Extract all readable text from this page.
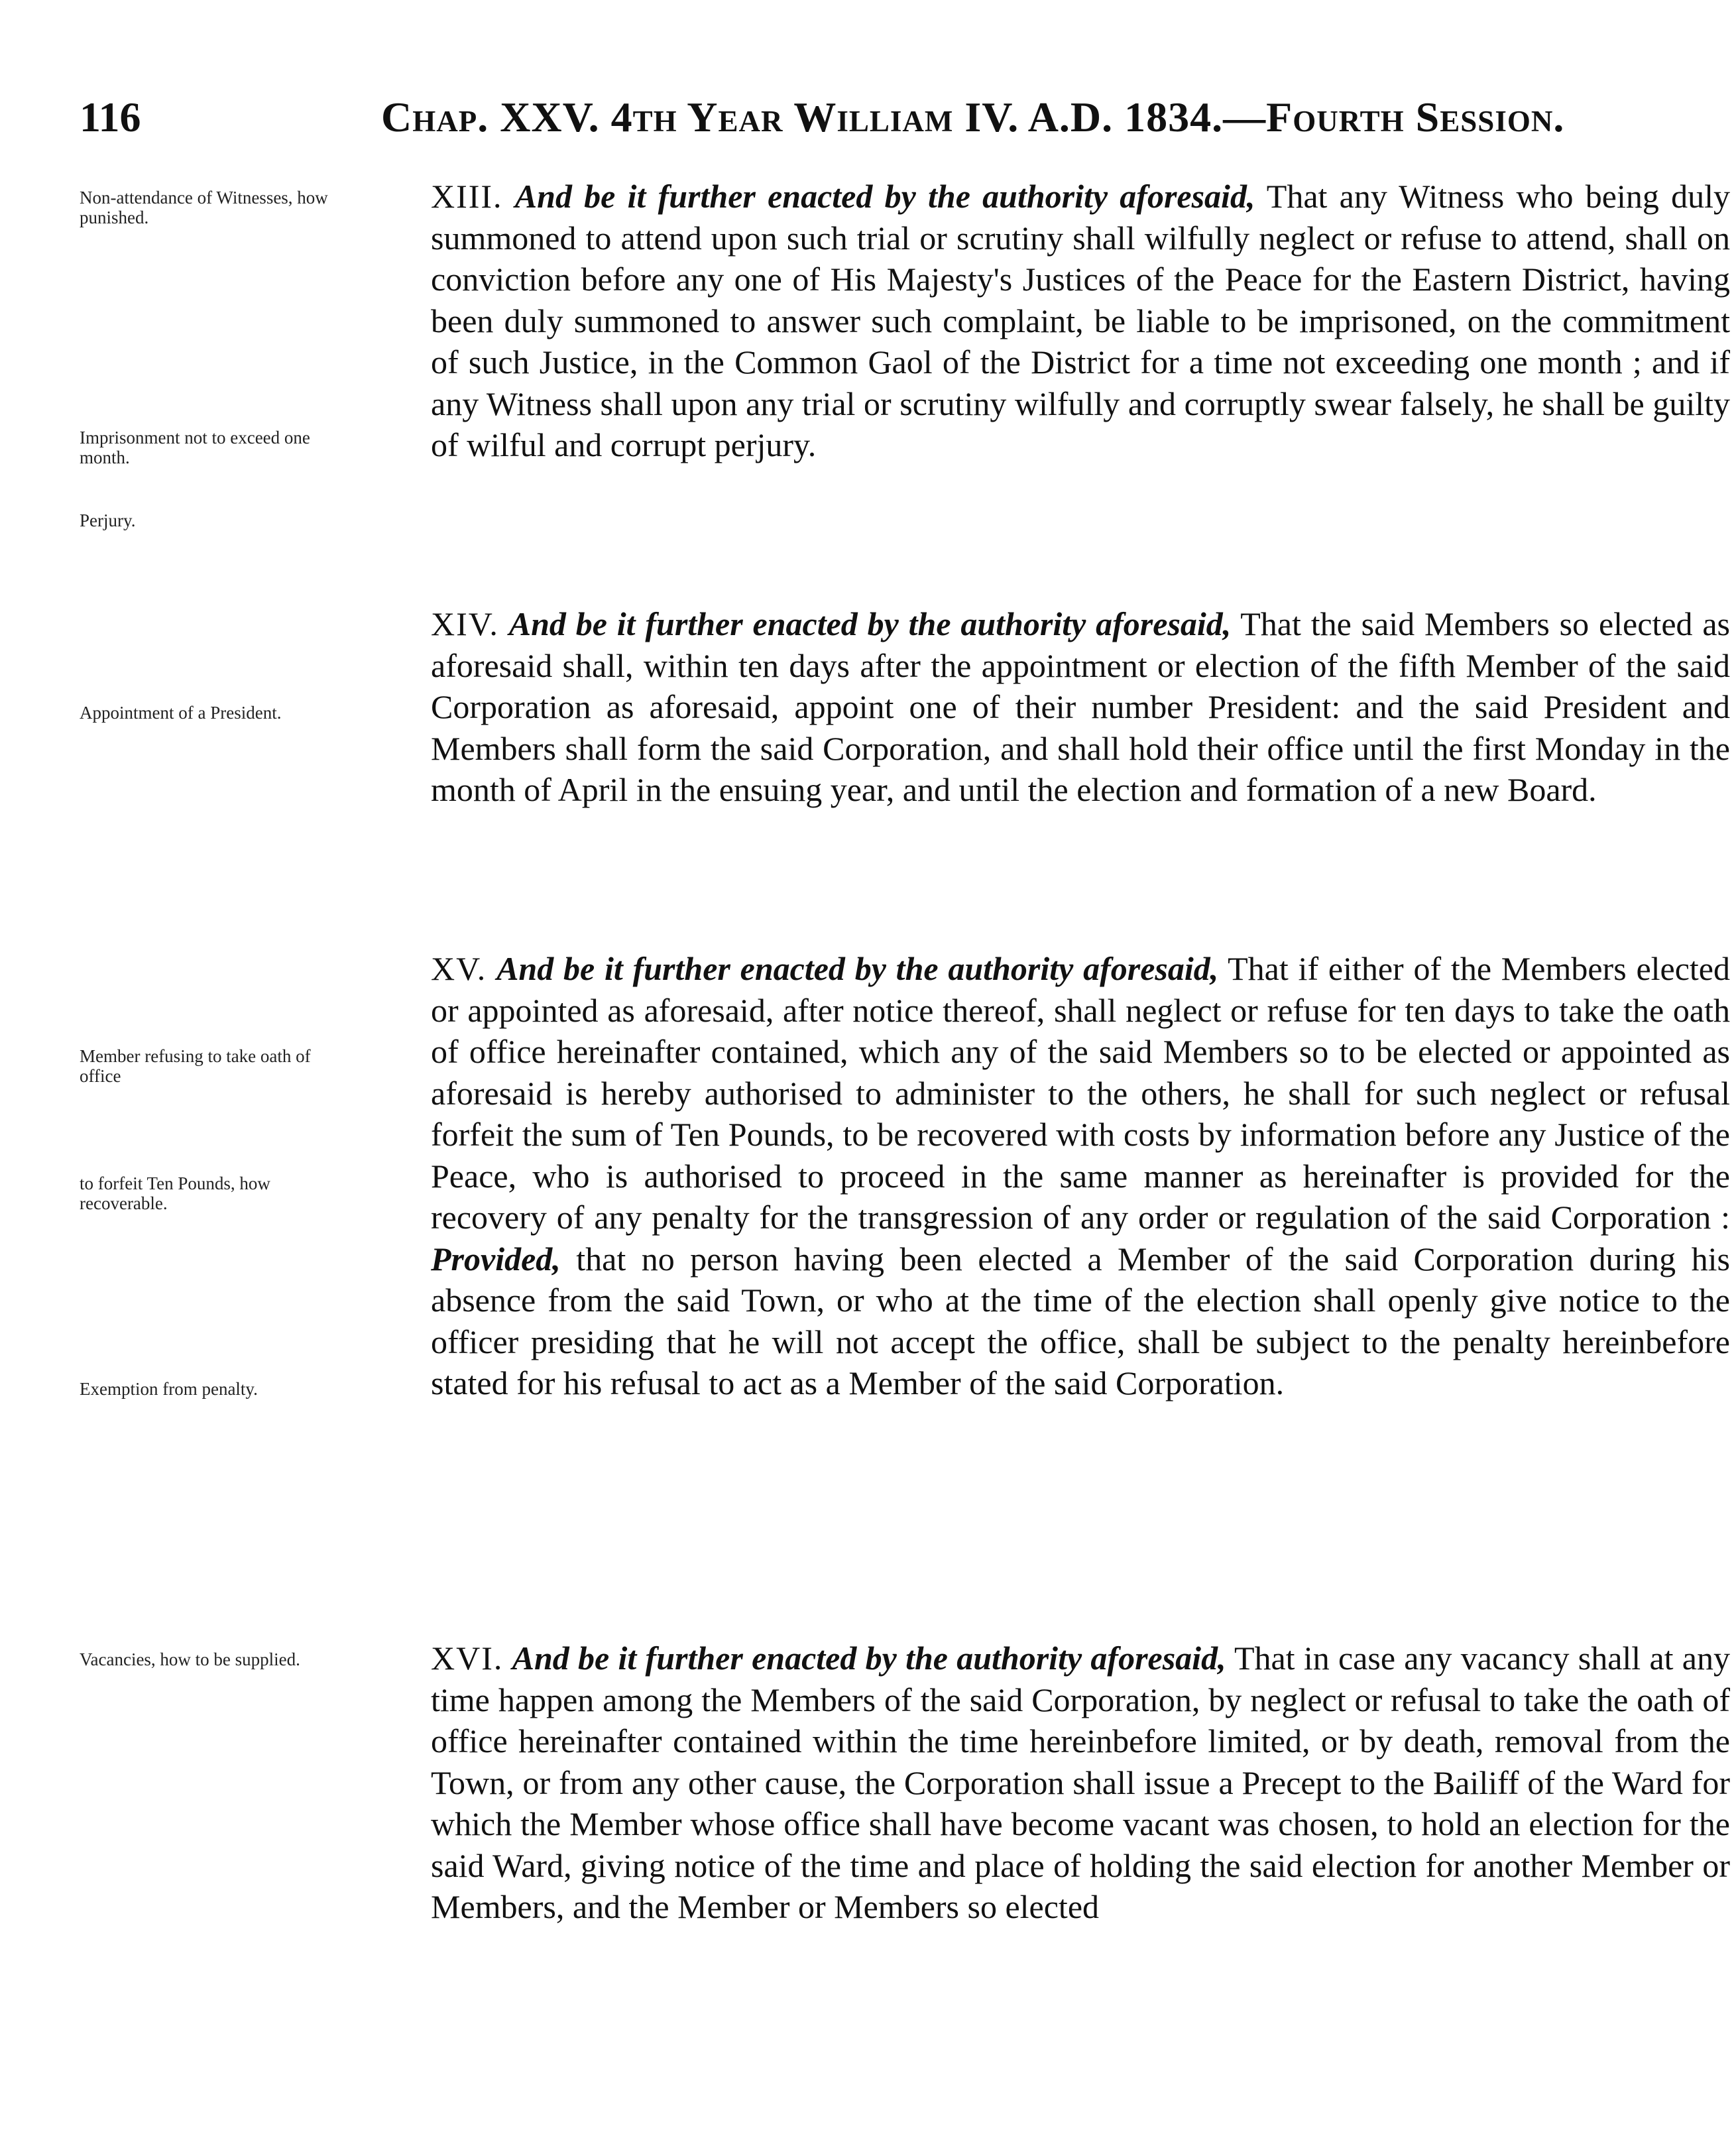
116	Chap. XXV. 4th Year William IV. A.D. 1834.—Fourth Session.
Non-attendance of Witnesses, how punished.
Imprisonment not to exceed one month.
Perjury.
XIII. And be it further enacted by the authority aforesaid, That any Witness who being duly summoned to attend upon such trial or scrutiny shall wilfully neglect or refuse to attend, shall on conviction before any one of His Majesty's Justices of the Peace for the Eastern District, having been duly summoned to answer such complaint, be liable to be imprisoned, on the commitment of such Justice, in the Common Gaol of the District for a time not exceeding one month ; and if any Witness shall upon any trial or scrutiny wilfully and corruptly swear falsely, he shall be guilty of wilful and corrupt perjury.
Appointment of a President.
XIV. And be it further enacted by the authority aforesaid, That the said Members so elected as aforesaid shall, within ten days after the appointment or election of the fifth Member of the said Corporation as aforesaid, appoint one of their number President: and the said President and Members shall form the said Corporation, and shall hold their office until the first Monday in the month of April in the ensuing year, and until the election and formation of a new Board.
Member refusing to take oath of office
to forfeit Ten Pounds, how recoverable.
Exemption from penalty.
XV. And be it further enacted by the authority aforesaid, That if either of the Members elected or appointed as aforesaid, after notice thereof, shall neglect or refuse for ten days to take the oath of office hereinafter contained, which any of the said Members so to be elected or appointed as aforesaid is hereby authorised to administer to the others, he shall for such neglect or refusal forfeit the sum of Ten Pounds, to be recovered with costs by information before any Justice of the Peace, who is authorised to proceed in the same manner as hereinafter is provided for the recovery of any penalty for the transgression of any order or regulation of the said Corporation : Provided, that no person having been elected a Member of the said Corporation during his absence from the said Town, or who at the time of the election shall openly give notice to the officer presiding that he will not accept the office, shall be subject to the penalty hereinbefore stated for his refusal to act as a Member of the said Corporation.
Vacancies, how to be supplied.	XVI. And be it further enacted by the authority aforesaid, That in case any vacancy shall at any time happen among the Members of the said Corporation, by neglect or refusal to take the oath of office hereinafter contained within the time hereinbefore limited, or by death, removal from the Town, or from any other cause, the Corporation shall issue a Precept to the Bailiff of the Ward for which the Member whose office shall have become vacant was chosen, to hold an election for the said Ward, giving notice of the time and place of holding the said election for another Member or Members, and the Member or Members so elected
